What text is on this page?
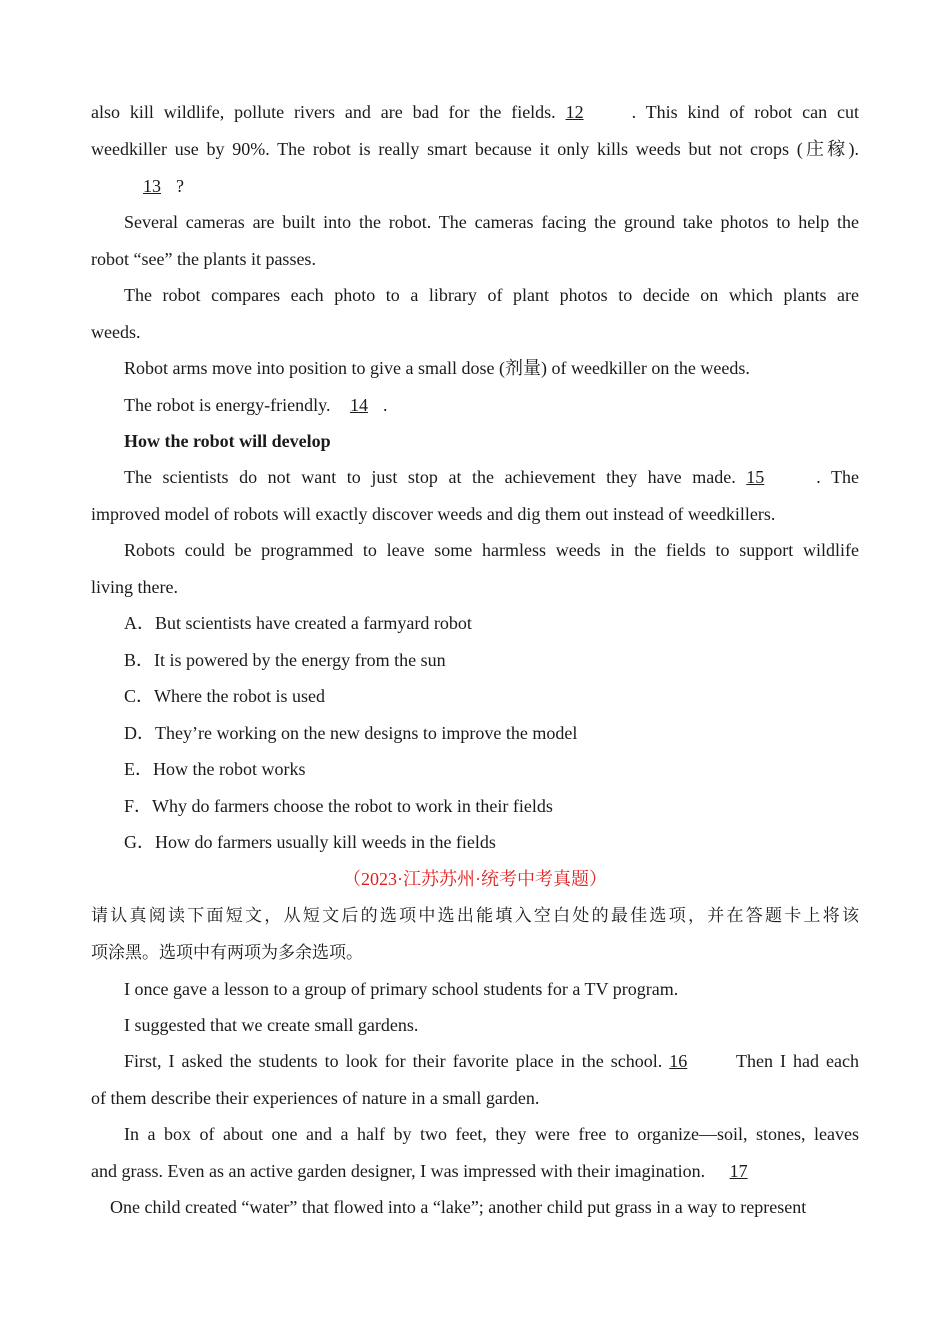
also kill wildlife, pollute rivers and are bad for the fields. 12	. This kind of robot can cut
weedkiller use by 90%. The robot is really smart because it only kills weeds but not crops (庄稼).
13 ?
Several cameras are built into the robot. The cameras facing the ground take photos to help the
robot “see” the plants it passes.
The robot compares each photo to a library of plant photos to decide on which plants are
weeds.
Robot arms move into position to give a small dose (剂量) of weedkiller on the weeds.
The robot is energy-friendly. 14 .
How the robot will develop
The scientists do not want to just stop at the achievement they have made. 15	. The
improved model of robots will exactly discover weeds and dig them out instead of weedkillers.
Robots could be programmed to leave some harmless weeds in the fields to support wildlife
living there.
A．But scientists have created a farmyard robot
B．It is powered by the energy from the sun
C．Where the robot is used
D．They’re working on the new designs to improve the model
E．How the robot works
F．Why do farmers choose the robot to work in their fields
G．How do farmers usually kill weeds in the fields
（2023·江苏苏州·统考中考真题）
请认真阅读下面短文，从短文后的选项中选出能填入空白处的最佳选项，并在答题卡上将该
项涂黑。选项中有两项为多余选项。
I once gave a lesson to a group of primary school students for a TV program.
I suggested that we create small gardens.
First, I asked the students to look for their favorite place in the school. 16	Then I had each
of them describe their experiences of nature in a small garden.
In a box of about one and a half by two feet, they were free to organize—soil, stones, leaves
and grass. Even as an active garden designer, I was impressed with their imagination. 17
One child created “water” that flowed into a “lake”; another child put grass in a way to represent
